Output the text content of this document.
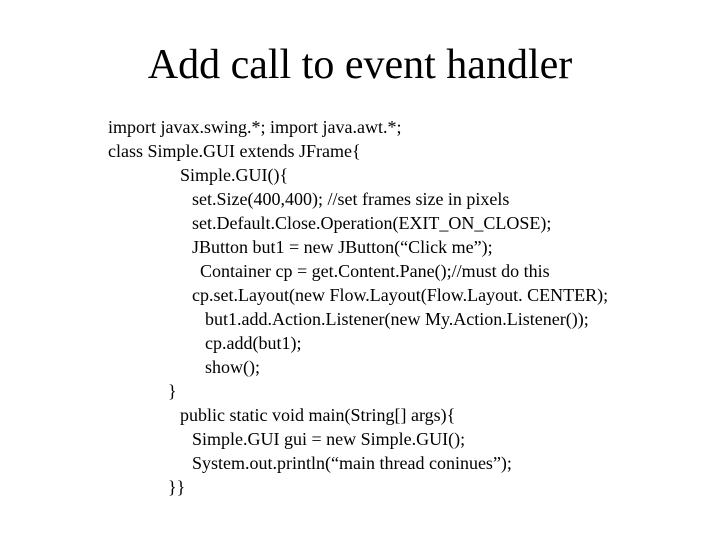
Add call to event handler
import javax.swing.*; import java.awt.*;
class Simple.GUI extends JFrame{
Simple.GUI(){
set.Size(400,400); //set frames size in pixels
set.Default.Close.Operation(EXIT_ON_CLOSE);
JButton but1 = new JButton(“Click me”);
Container cp = get.Content.Pane();//must do this
cp.set.Layout(new Flow.Layout(Flow.Layout. CENTER);
but1.add.Action.Listener(new My.Action.Listener());
cp.add(but1);
show();
}
public static void main(String[] args){
Simple.GUI gui = new Simple.GUI();
System.out.println(“main thread coninues”);
}}
